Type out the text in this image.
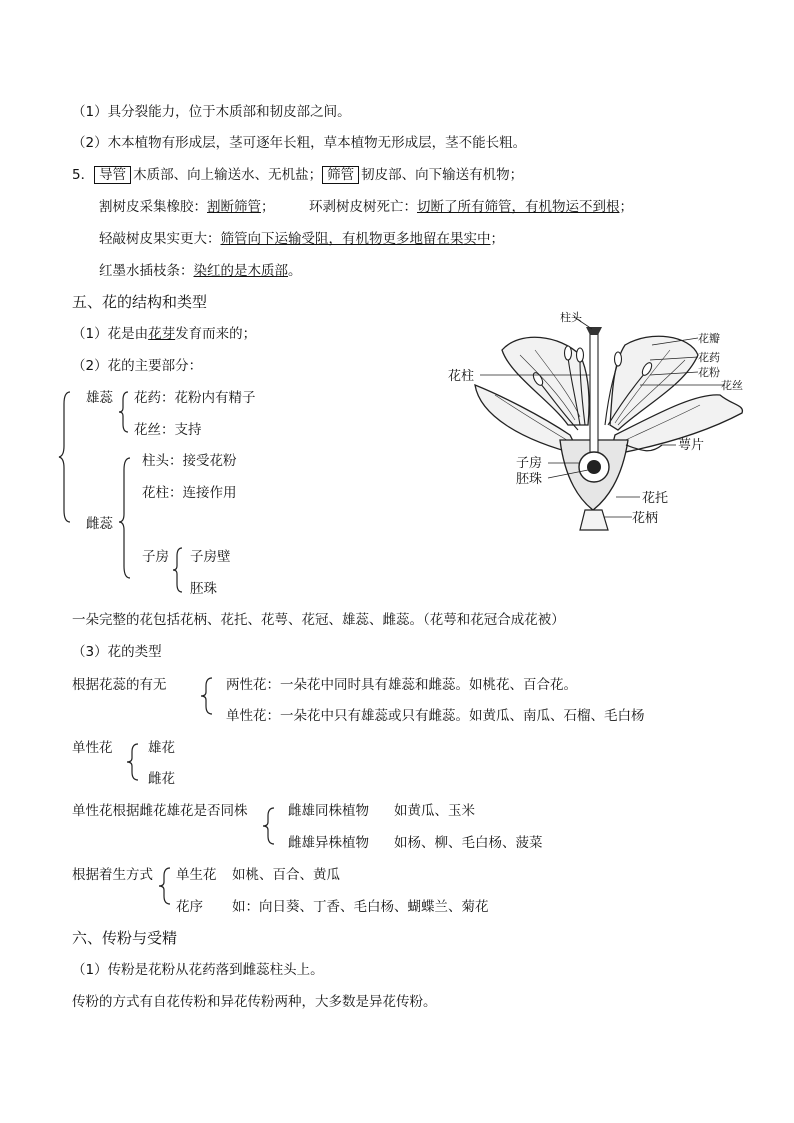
（1）具分裂能力，位于木质部和韧皮部之间。
（2）木本植物有形成层，茎可逐年长粗，草本植物无形成层，茎不能长粗。
5． 导管 木质部、向上输送水、无机盐； 筛管 韧皮部、向下输送有机物；
割树皮采集橡胶：割断筛管；	环剥树皮树死亡：切断了所有筛管，有机物运不到根；
轻敲树皮果实更大：筛管向下运输受阻，有机物更多地留在果实中；
红墨水插枝条：染红的是木质部。
五、花的结构和类型
（1）花是由花芽发育而来的；
（2）花的主要部分：
雄蕊 花药：花粉内有精子
花丝：支持
雌蕊
柱头：接受花粉
花柱：连接作用
子房 子房壁
胚珠
一朵完整的花包括花柄、花托、花萼、花冠、雄蕊、雌蕊。（花萼和花冠合成花被）
（3）花的类型
根据花蕊的有无	两性花：一朵花中同时具有雄蕊和雌蕊。如桃花、百合花。
单性花：一朵花中只有雄蕊或只有雌蕊。如黄瓜、南瓜、石榴、毛白杨
单性花	雄花
雌花
单性花根据雌花雄花是否同株	雌雄同株植物 如黄瓜、玉米
雌雄异株植物 如杨、柳、毛白杨、菠菜
根据着生方式 单生花 如桃、百合、黄瓜
花序 如：向日葵、丁香、毛白杨、蝴蝶兰、菊花
六、传粉与受精
（1）传粉是花粉从花药落到雌蕊柱头上。
传粉的方式有自花传粉和异花传粉两种，大多数是异花传粉。
柱头
花瓣
花药
花粉
花丝
花柱
萼片
子房
胚珠
花托
花柄
